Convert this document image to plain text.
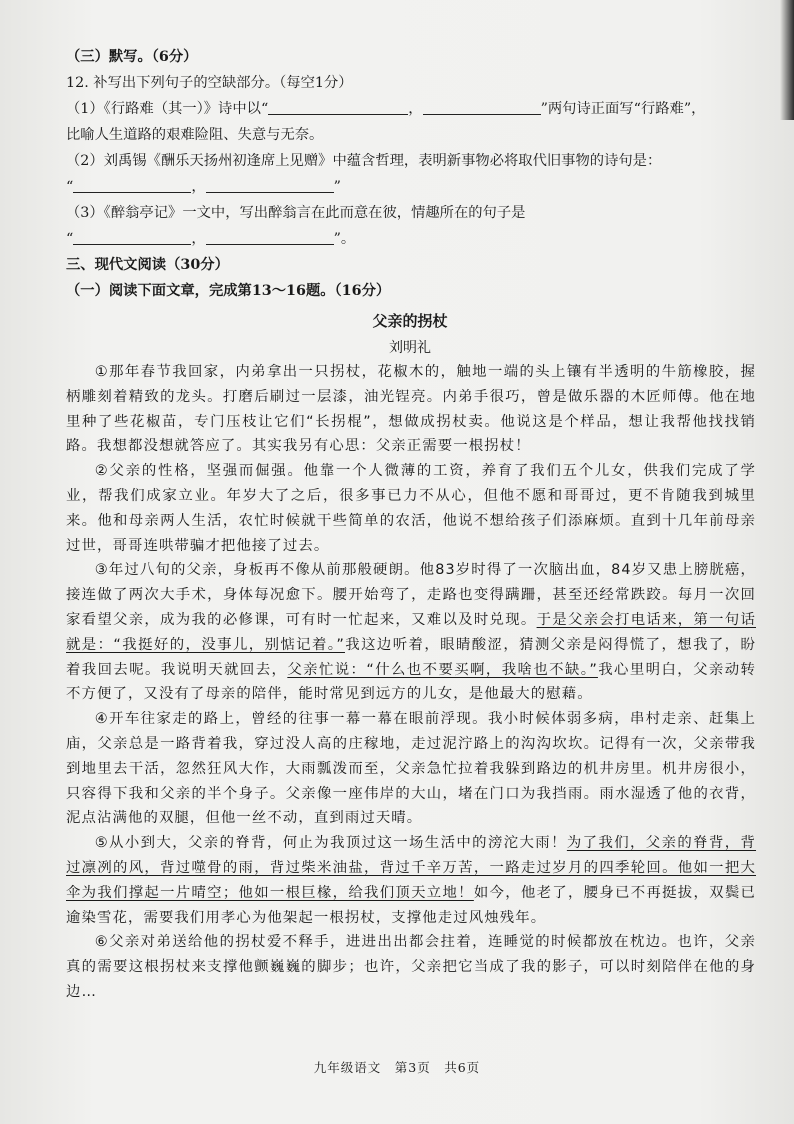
（三）默写。（6分）
12. 补写出下列句子的空缺部分。（每空1分）
（1）《行路难（其一）》诗中以“	，	”两句诗正面写“行路难”，
比喻人生道路的艰难险阻、失意与无奈。
（2）刘禹锡《酬乐天扬州初逢席上见赠》中蕴含哲理，表明新事物必将取代旧事物的诗句是：
“	，	”
（3）《醉翁亭记》一文中，写出醉翁言在此而意在彼，情趣所在的句子是
“	，	”。
三、现代文阅读（30分）
（一）阅读下面文章，完成第13～16题。（16分）
父亲的拐杖
刘明礼

①那年春节我回家，内弟拿出一只拐杖，花椒木的，触地一端的头上镶有半透明的牛筋橡胶，握柄雕刻着精致的龙头。打磨后刷过一层漆，油光锃亮。内弟手很巧，曾是做乐器的木匠师傅。他在地里种了些花椒苗，专门压枝让它们“长拐棍”，想做成拐杖卖。他说这是个样品，想让我帮他找找销路。我想都没想就答应了。其实我另有心思：父亲正需要一根拐杖！

②父亲的性格，坚强而倔强。他靠一个人微薄的工资，养育了我们五个儿女，供我们完成了学业，帮我们成家立业。年岁大了之后，很多事已力不从心，但他不愿和哥哥过，更不肯随我到城里来。他和母亲两人生活，农忙时候就干些简单的农活，他说不想给孩子们添麻烦。直到十几年前母亲过世，哥哥连哄带骗才把他接了过去。

③年过八旬的父亲，身板再不像从前那般硬朗。他83岁时得了一次脑出血，84岁又患上膀胱癌，接连做了两次大手术，身体每况愈下。腰开始弯了，走路也变得蹒跚，甚至还经常跌跤。每月一次回家看望父亲，成为我的必修课，可有时一忙起来，又难以及时兑现。于是父亲会打电话来，第一句话就是：“我挺好的，没事儿，别惦记着。”我这边听着，眼睛酸涩，猜测父亲是闷得慌了，想我了，盼着我回去呢。我说明天就回去，父亲忙说：“什么也不要买啊，我啥也不缺。”我心里明白，父亲动转不方便了，又没有了母亲的陪伴，能时常见到远方的儿女，是他最大的慰藉。

④开车往家走的路上，曾经的往事一幕一幕在眼前浮现。我小时候体弱多病，串村走亲、赶集上庙，父亲总是一路背着我，穿过没人高的庄稼地，走过泥泞路上的沟沟坎坎。记得有一次，父亲带我到地里去干活，忽然狂风大作，大雨瓢泼而至，父亲急忙拉着我躲到路边的机井房里。机井房很小，只容得下我和父亲的半个身子。父亲像一座伟岸的大山，堵在门口为我挡雨。雨水湿透了他的衣背，泥点沾满他的双腿，但他一丝不动，直到雨过天晴。

⑤从小到大，父亲的脊背，何止为我顶过这一场生活中的滂沱大雨！为了我们，父亲的脊背，背过凛冽的风，背过噬骨的雨，背过柴米油盐，背过千辛万苦，一路走过岁月的四季轮回。他如一把大伞为我们撑起一片晴空；他如一根巨椽，给我们顶天立地！如今，他老了，腰身已不再挺拔，双鬓已逾染雪花，需要我们用孝心为他架起一根拐杖，支撑他走过风烛残年。

⑥父亲对弟送给他的拐杖爱不释手，进进出出都会拄着，连睡觉的时候都放在枕边。也许，父亲真的需要这根拐杖来支撑他颤巍巍的脚步；也许，父亲把它当成了我的影子，可以时刻陪伴在他的身边…

九年级语文　第3页　共6页
